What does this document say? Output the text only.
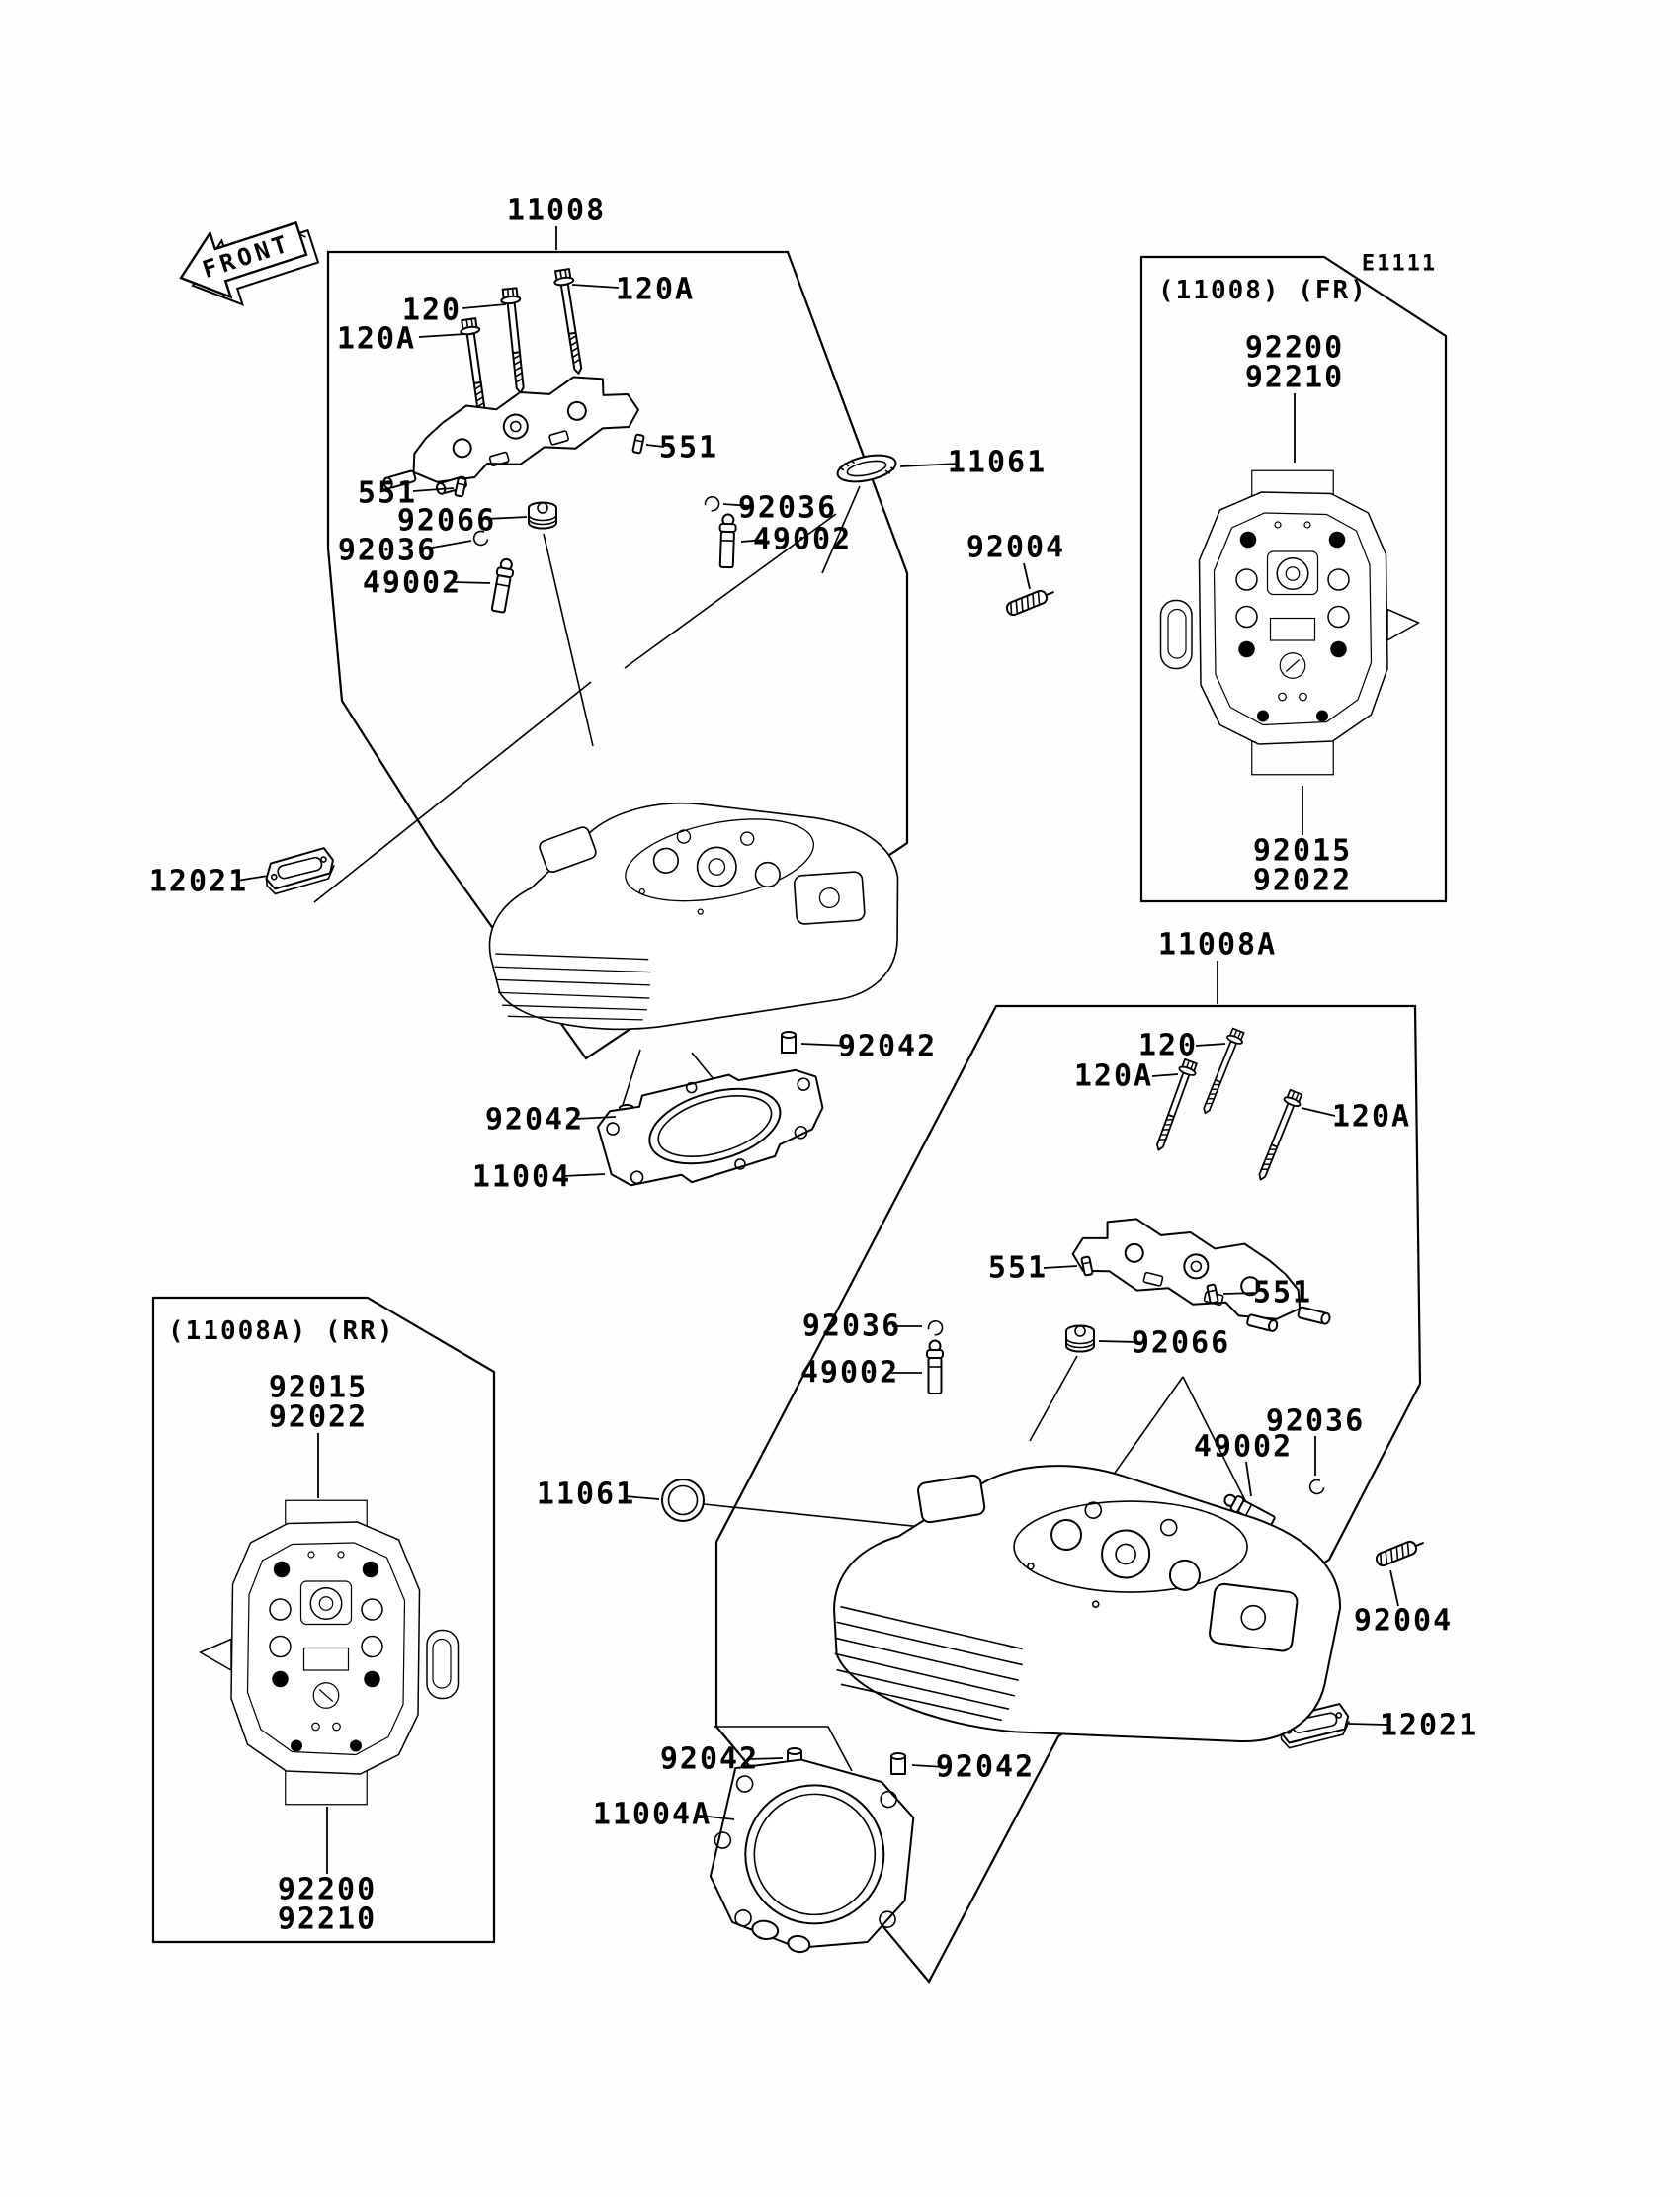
FRONT
11008
120
120A
120A
551
551
92066
92036
49002
92036
49002
11061
92004
12021
92042
92042
11004
11008A
120
120A
120A
551
551
92036
49002
92066
11061
92036
49002
92004
12021
92042	92042
11004A
(11008) (FR)
E1111
92200
92210
92015
92022
(11008A) (RR)
92015
92022
92200
92210
